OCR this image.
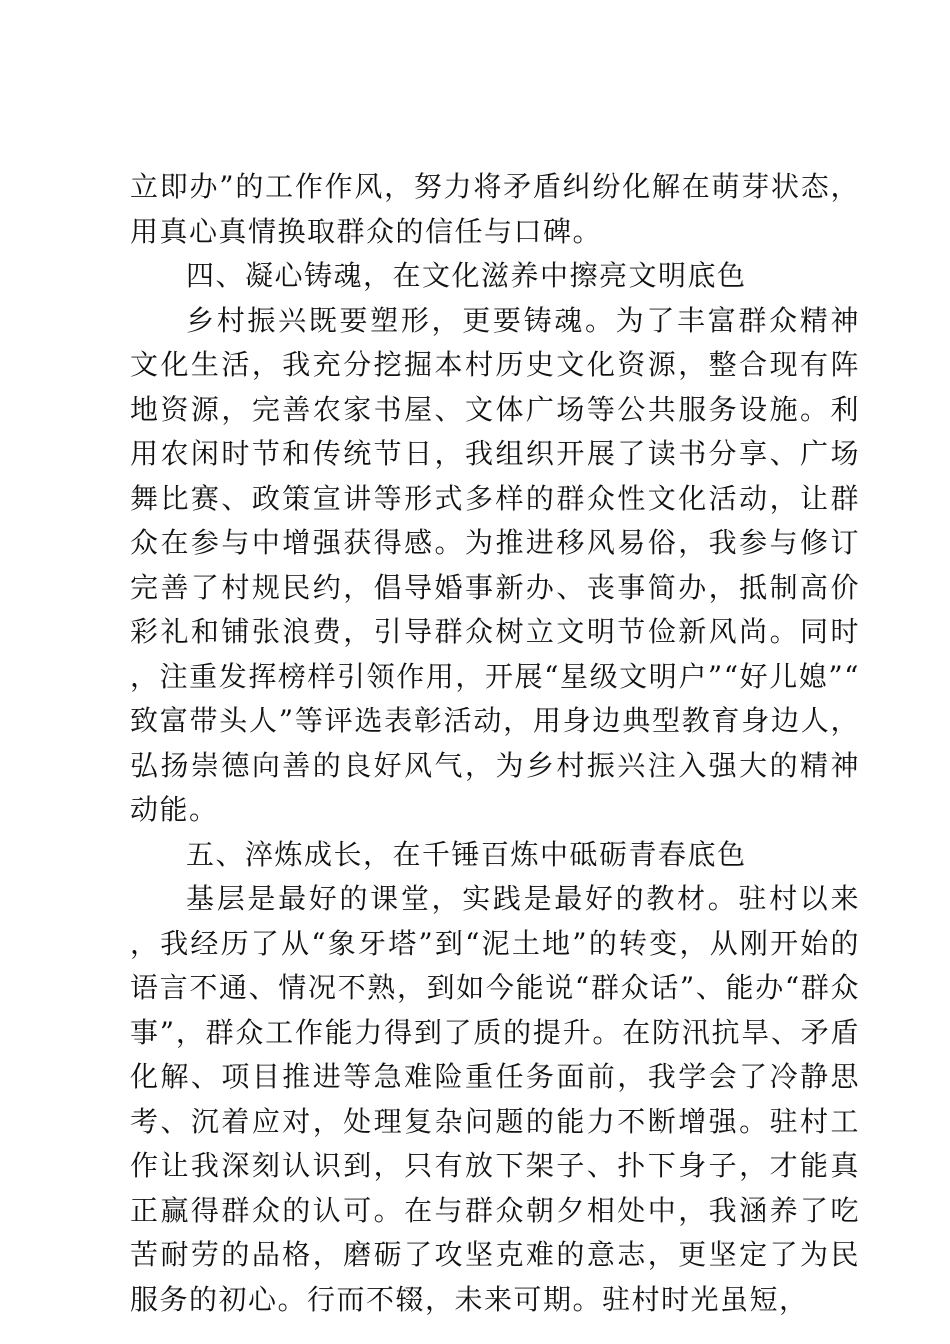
立即办”的工作作风，努力将矛盾纠纷化解在萌芽状态，用真心真情换取群众的信任与口碑。

四、凝心铸魂，在文化滋养中擦亮文明底色

乡村振兴既要塑形，更要铸魂。为了丰富群众精神文化生活，我充分挖掘本村历史文化资源，整合现有阵地资源，完善农家书屋、文体广场等公共服务设施。利用农闲时节和传统节日，我组织开展了读书分享、广场舞比赛、政策宣讲等形式多样的群众性文化活动，让群众在参与中增强获得感。为推进移风易俗，我参与修订完善了村规民约，倡导婚事新办、丧事简办，抵制高价彩礼和铺张浪费，引导群众树立文明节俭新风尚。同时，注重发挥榜样引领作用，开展“星级文明户”“好儿媳”“致富带头人”等评选表彰活动，用身边典型教育身边人，弘扬崇德向善的良好风气，为乡村振兴注入强大的精神动能。

五、淬炼成长，在千锤百炼中砥砺青春底色

基层是最好的课堂，实践是最好的教材。驻村以来，我经历了从“象牙塔”到“泥土地”的转变，从刚开始的语言不通、情况不熟，到如今能说“群众话”、能办“群众事”，群众工作能力得到了质的提升。在防汛抗旱、矛盾化解、项目推进等急难险重任务面前，我学会了冷静思考、沉着应对，处理复杂问题的能力不断增强。驻村工作让我深刻认识到，只有放下架子、扑下身子，才能真正赢得群众的认可。在与群众朝夕相处中，我涵养了吃苦耐劳的品格，磨砺了攻坚克难的意志，更坚定了为民服务的初心。行而不辍，未来可期。驻村时光虽短，
